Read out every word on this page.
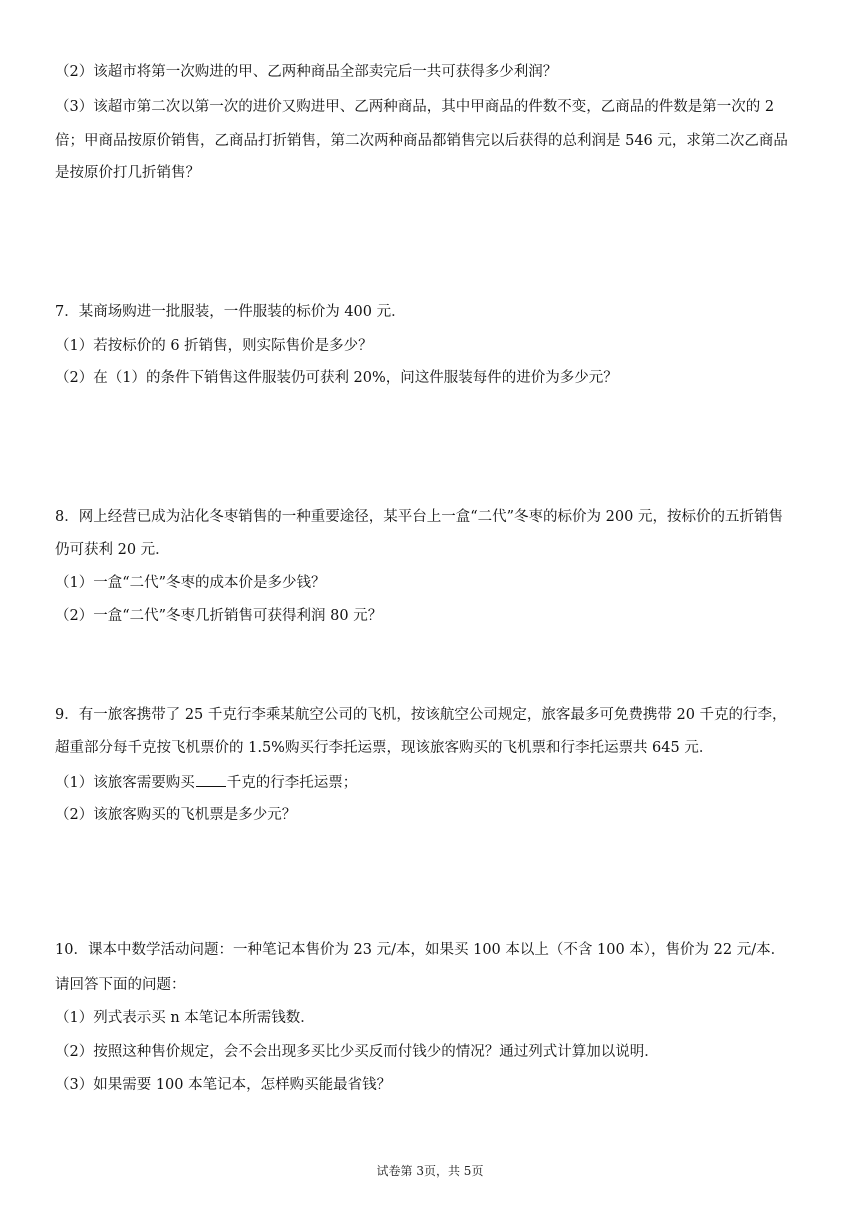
（2）该超市将第一次购进的甲、乙两种商品全部卖完后一共可获得多少利润？
（3）该超市第二次以第一次的进价又购进甲、乙两种商品，其中甲商品的件数不变，乙商品的件数是第一次的 2
倍；甲商品按原价销售，乙商品打折销售，第二次两种商品都销售完以后获得的总利润是 546 元，求第二次乙商品
是按原价打几折销售？
7．某商场购进一批服装，一件服装的标价为 400 元．
（1）若按标价的 6 折销售，则实际售价是多少？
（2）在（1）的条件下销售这件服装仍可获利 20%，问这件服装每件的进价为多少元？
8．网上经营已成为沾化冬枣销售的一种重要途径，某平台上一盒“二代”冬枣的标价为 200 元，按标价的五折销售
仍可获利 20 元．
（1）一盒“二代”冬枣的成本价是多少钱？
（2）一盒“二代”冬枣几折销售可获得利润 80 元？
9．有一旅客携带了 25 千克行李乘某航空公司的飞机，按该航空公司规定，旅客最多可免费携带 20 千克的行李，
超重部分每千克按飞机票价的 1.5%购买行李托运票，现该旅客购买的飞机票和行李托运票共 645 元．
（1）该旅客需要购买 千克的行李托运票；
（2）该旅客购买的飞机票是多少元？
10．课本中数学活动问题：一种笔记本售价为 23 元/本，如果买 100 本以上（不含 100 本），售价为 22 元/本．
请回答下面的问题：
（1）列式表示买 n 本笔记本所需钱数．
（2）按照这种售价规定，会不会出现多买比少买反而付钱少的情况？通过列式计算加以说明．
（3）如果需要 100 本笔记本，怎样购买能最省钱？
试卷第 3页，共 5页
